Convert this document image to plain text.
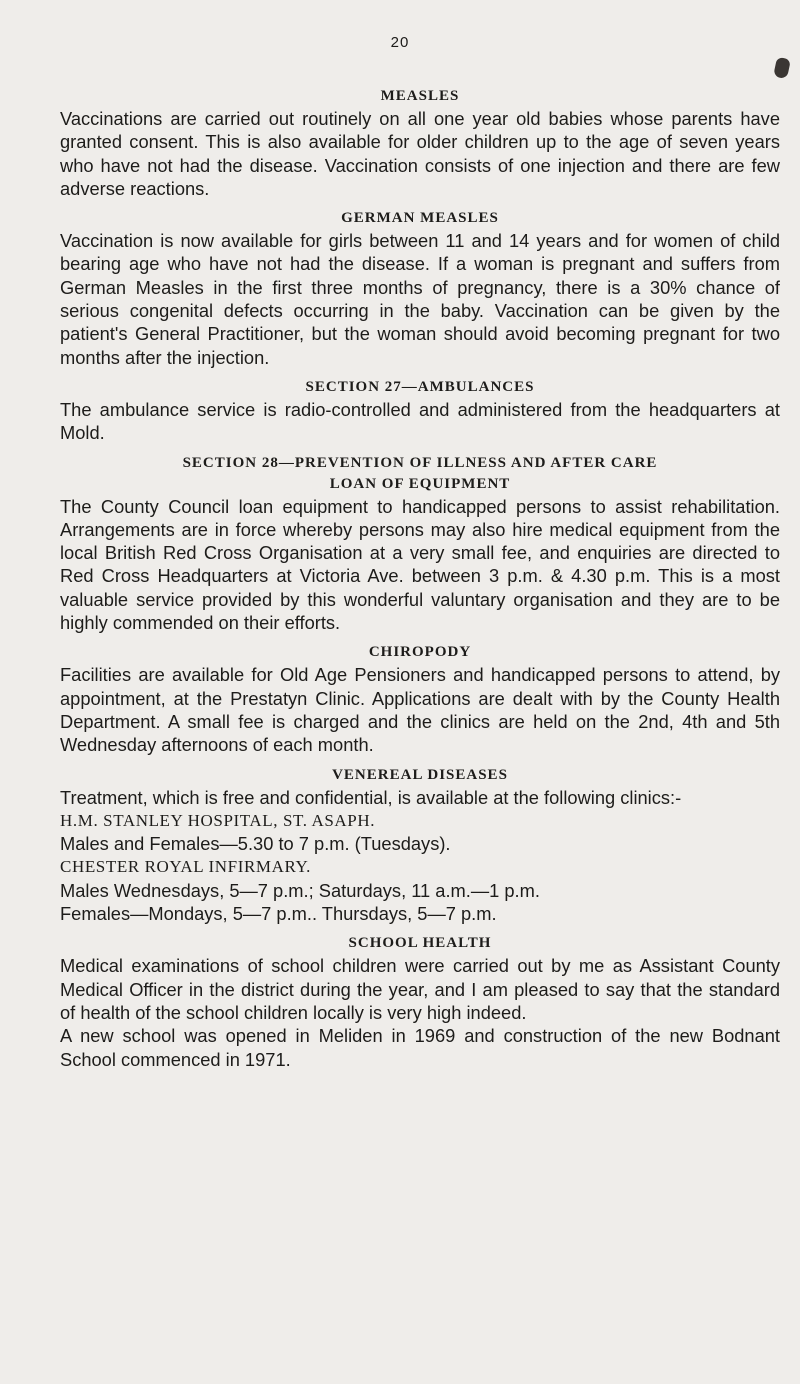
20
MEASLES

Vaccinations are carried out routinely on all one year old babies whose parents have granted consent. This is also available for older children up to the age of seven years who have not had the disease. Vaccination consists of one injection and there are few adverse reactions.

GERMAN MEASLES

Vaccination is now available for girls between 11 and 14 years and for women of child bearing age who have not had the disease. If a woman is pregnant and suffers from German Measles in the first three months of pregnancy, there is a 30% chance of serious congenital defects occurring in the baby. Vaccination can be given by the patient's General Practitioner, but the woman should avoid becoming pregnant for two months after the injection.

SECTION 27—AMBULANCES

The ambulance service is radio-controlled and administered from the headquarters at Mold.

SECTION 28—PREVENTION OF ILLNESS AND AFTER CARE
LOAN OF EQUIPMENT

The County Council loan equipment to handicapped persons to assist rehabilitation. Arrangements are in force whereby persons may also hire medical equipment from the local British Red Cross Organisation at a very small fee, and enquiries are directed to Red Cross Headquarters at Victoria Ave. between 3 p.m. & 4.30 p.m. This is a most valuable service provided by this wonderful valuntary organisation and they are to be highly commended on their efforts.

CHIROPODY

Facilities are available for Old Age Pensioners and handicapped persons to attend, by appointment, at the Prestatyn Clinic. Applications are dealt with by the County Health Department. A small fee is charged and the clinics are held on the 2nd, 4th and 5th Wednesday afternoons of each month.

VENEREAL DISEASES

Treatment, which is free and confidential, is available at the following clinics:-

H.M. STANLEY HOSPITAL, ST. ASAPH.

Males and Females—5.30 to 7 p.m. (Tuesdays).

CHESTER ROYAL INFIRMARY.

Males Wednesdays, 5—7 p.m.; Saturdays, 11 a.m.—1 p.m.

Females—Mondays, 5—7 p.m.. Thursdays, 5—7 p.m.

SCHOOL HEALTH

Medical examinations of school children were carried out by me as Assistant County Medical Officer in the district during the year, and I am pleased to say that the standard of health of the school children locally is very high indeed.

A new school was opened in Meliden in 1969 and construction of the new Bodnant School commenced in 1971.
